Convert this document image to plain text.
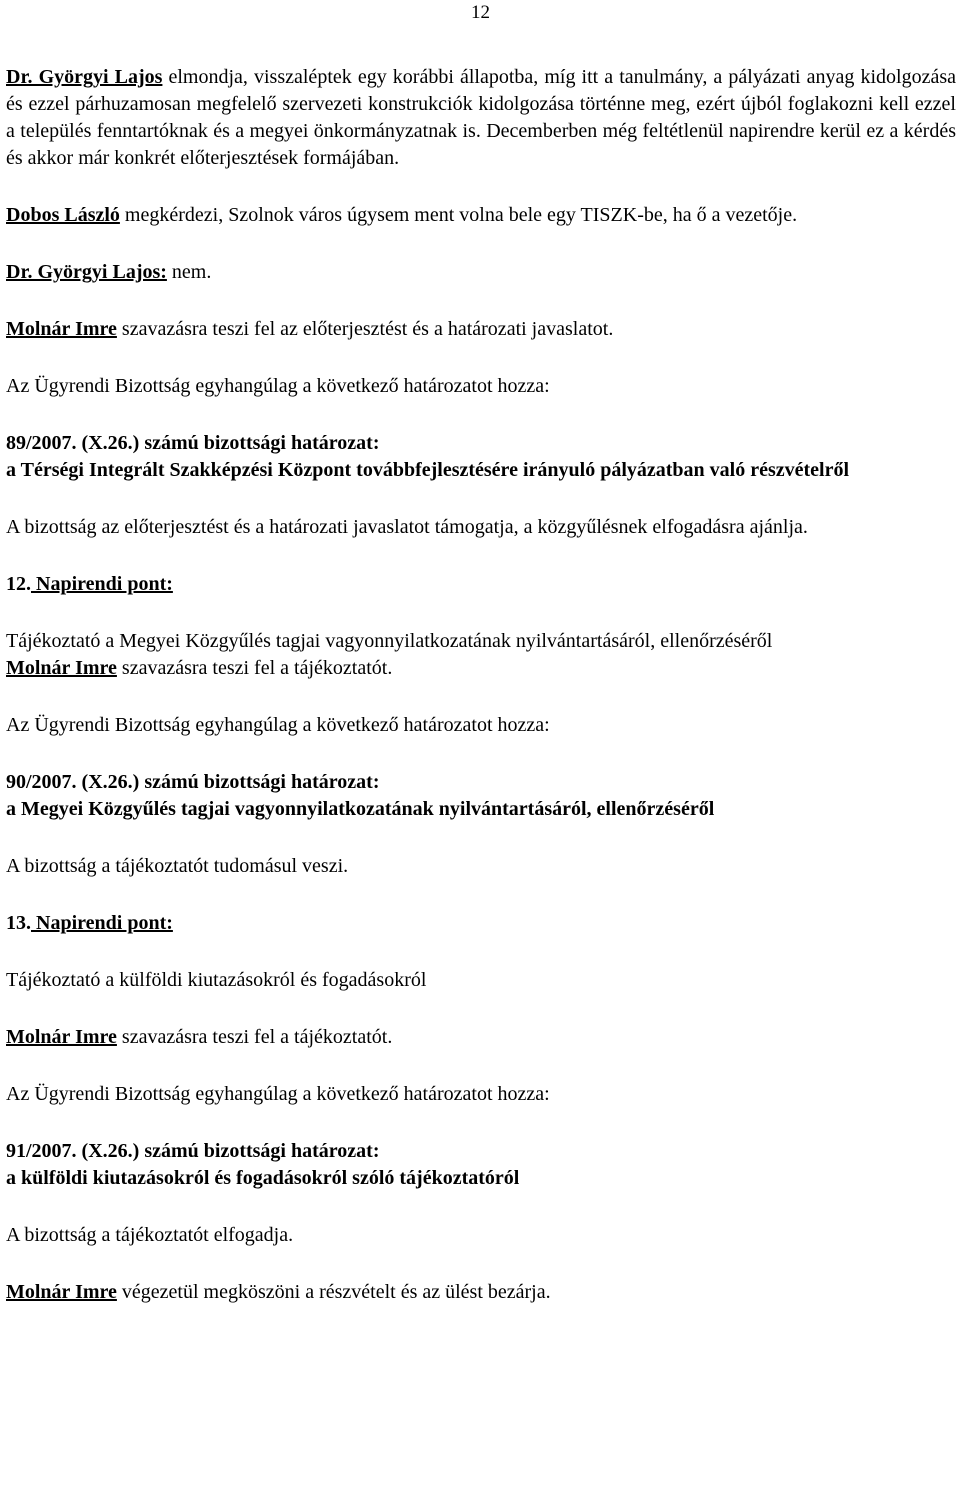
12

Dr. Györgyi Lajos elmondja, visszaléptek egy korábbi állapotba, míg itt a tanulmány, a pályázati anyag kidolgozása és ezzel párhuzamosan megfelelő szervezeti konstrukciók kidolgozása történne meg, ezért újból foglakozni kell ezzel a település fenntartóknak és a megyei önkormányzatnak is. Decemberben még feltétlenül napirendre kerül ez a kérdés és akkor már konkrét előterjesztések formájában.

Dobos László megkérdezi, Szolnok város úgysem ment volna bele egy TISZK-be, ha ő a vezetője.

Dr. Györgyi Lajos: nem.

Molnár Imre szavazásra teszi fel az előterjesztést és a határozati javaslatot.

Az Ügyrendi Bizottság egyhangúlag a következő határozatot hozza:

89/2007. (X.26.) számú bizottsági határozat:

a Térségi Integrált Szakképzési Központ továbbfejlesztésére irányuló pályázatban való részvételről

A bizottság az előterjesztést és a határozati javaslatot támogatja, a közgyűlésnek elfogadásra ajánlja.

12. Napirendi pont:

Tájékoztató a Megyei Közgyűlés tagjai vagyonnyilatkozatának nyilvántartásáról, ellenőrzéséről

Molnár Imre szavazásra teszi fel a tájékoztatót.

Az Ügyrendi Bizottság egyhangúlag a következő határozatot hozza:

90/2007. (X.26.) számú bizottsági határozat:

a Megyei Közgyűlés tagjai vagyonnyilatkozatának nyilvántartásáról, ellenőrzéséről

A bizottság a tájékoztatót tudomásul veszi.

13. Napirendi pont:

Tájékoztató a külföldi kiutazásokról és fogadásokról

Molnár Imre szavazásra teszi fel a tájékoztatót.

Az Ügyrendi Bizottság egyhangúlag a következő határozatot hozza:

91/2007. (X.26.) számú bizottsági határozat:

a külföldi kiutazásokról és fogadásokról szóló tájékoztatóról

A bizottság a tájékoztatót elfogadja.

Molnár Imre végezetül megköszöni a részvételt és az ülést bezárja.
